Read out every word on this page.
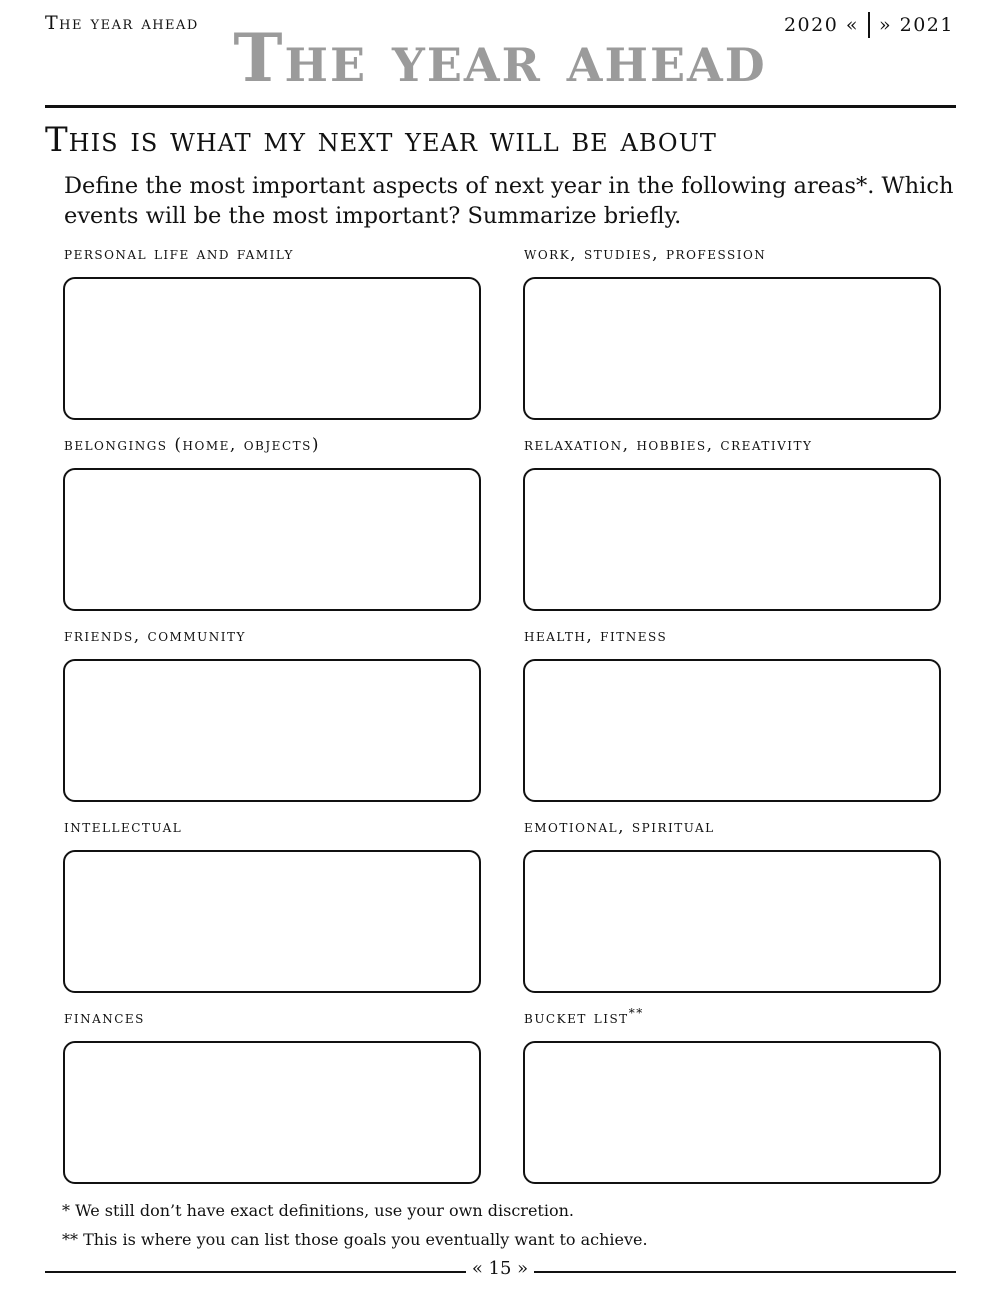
The year ahead	2020 « » 2021
The year ahead
This is what my next year will be about

Define the most important aspects of next year in the following areas*. Which events will be the most important? Summarize briefly.

personal life and family	work, studies, profession
belongings (home, objects)	relaxation, hobbies, creativity
friends, community	health, fitness
intellectual	emotional, spiritual
finances	bucket list**
* We still don’t have exact definitions, use your own discretion.
** This is where you can list those goals you eventually want to achieve.
« 15 »
